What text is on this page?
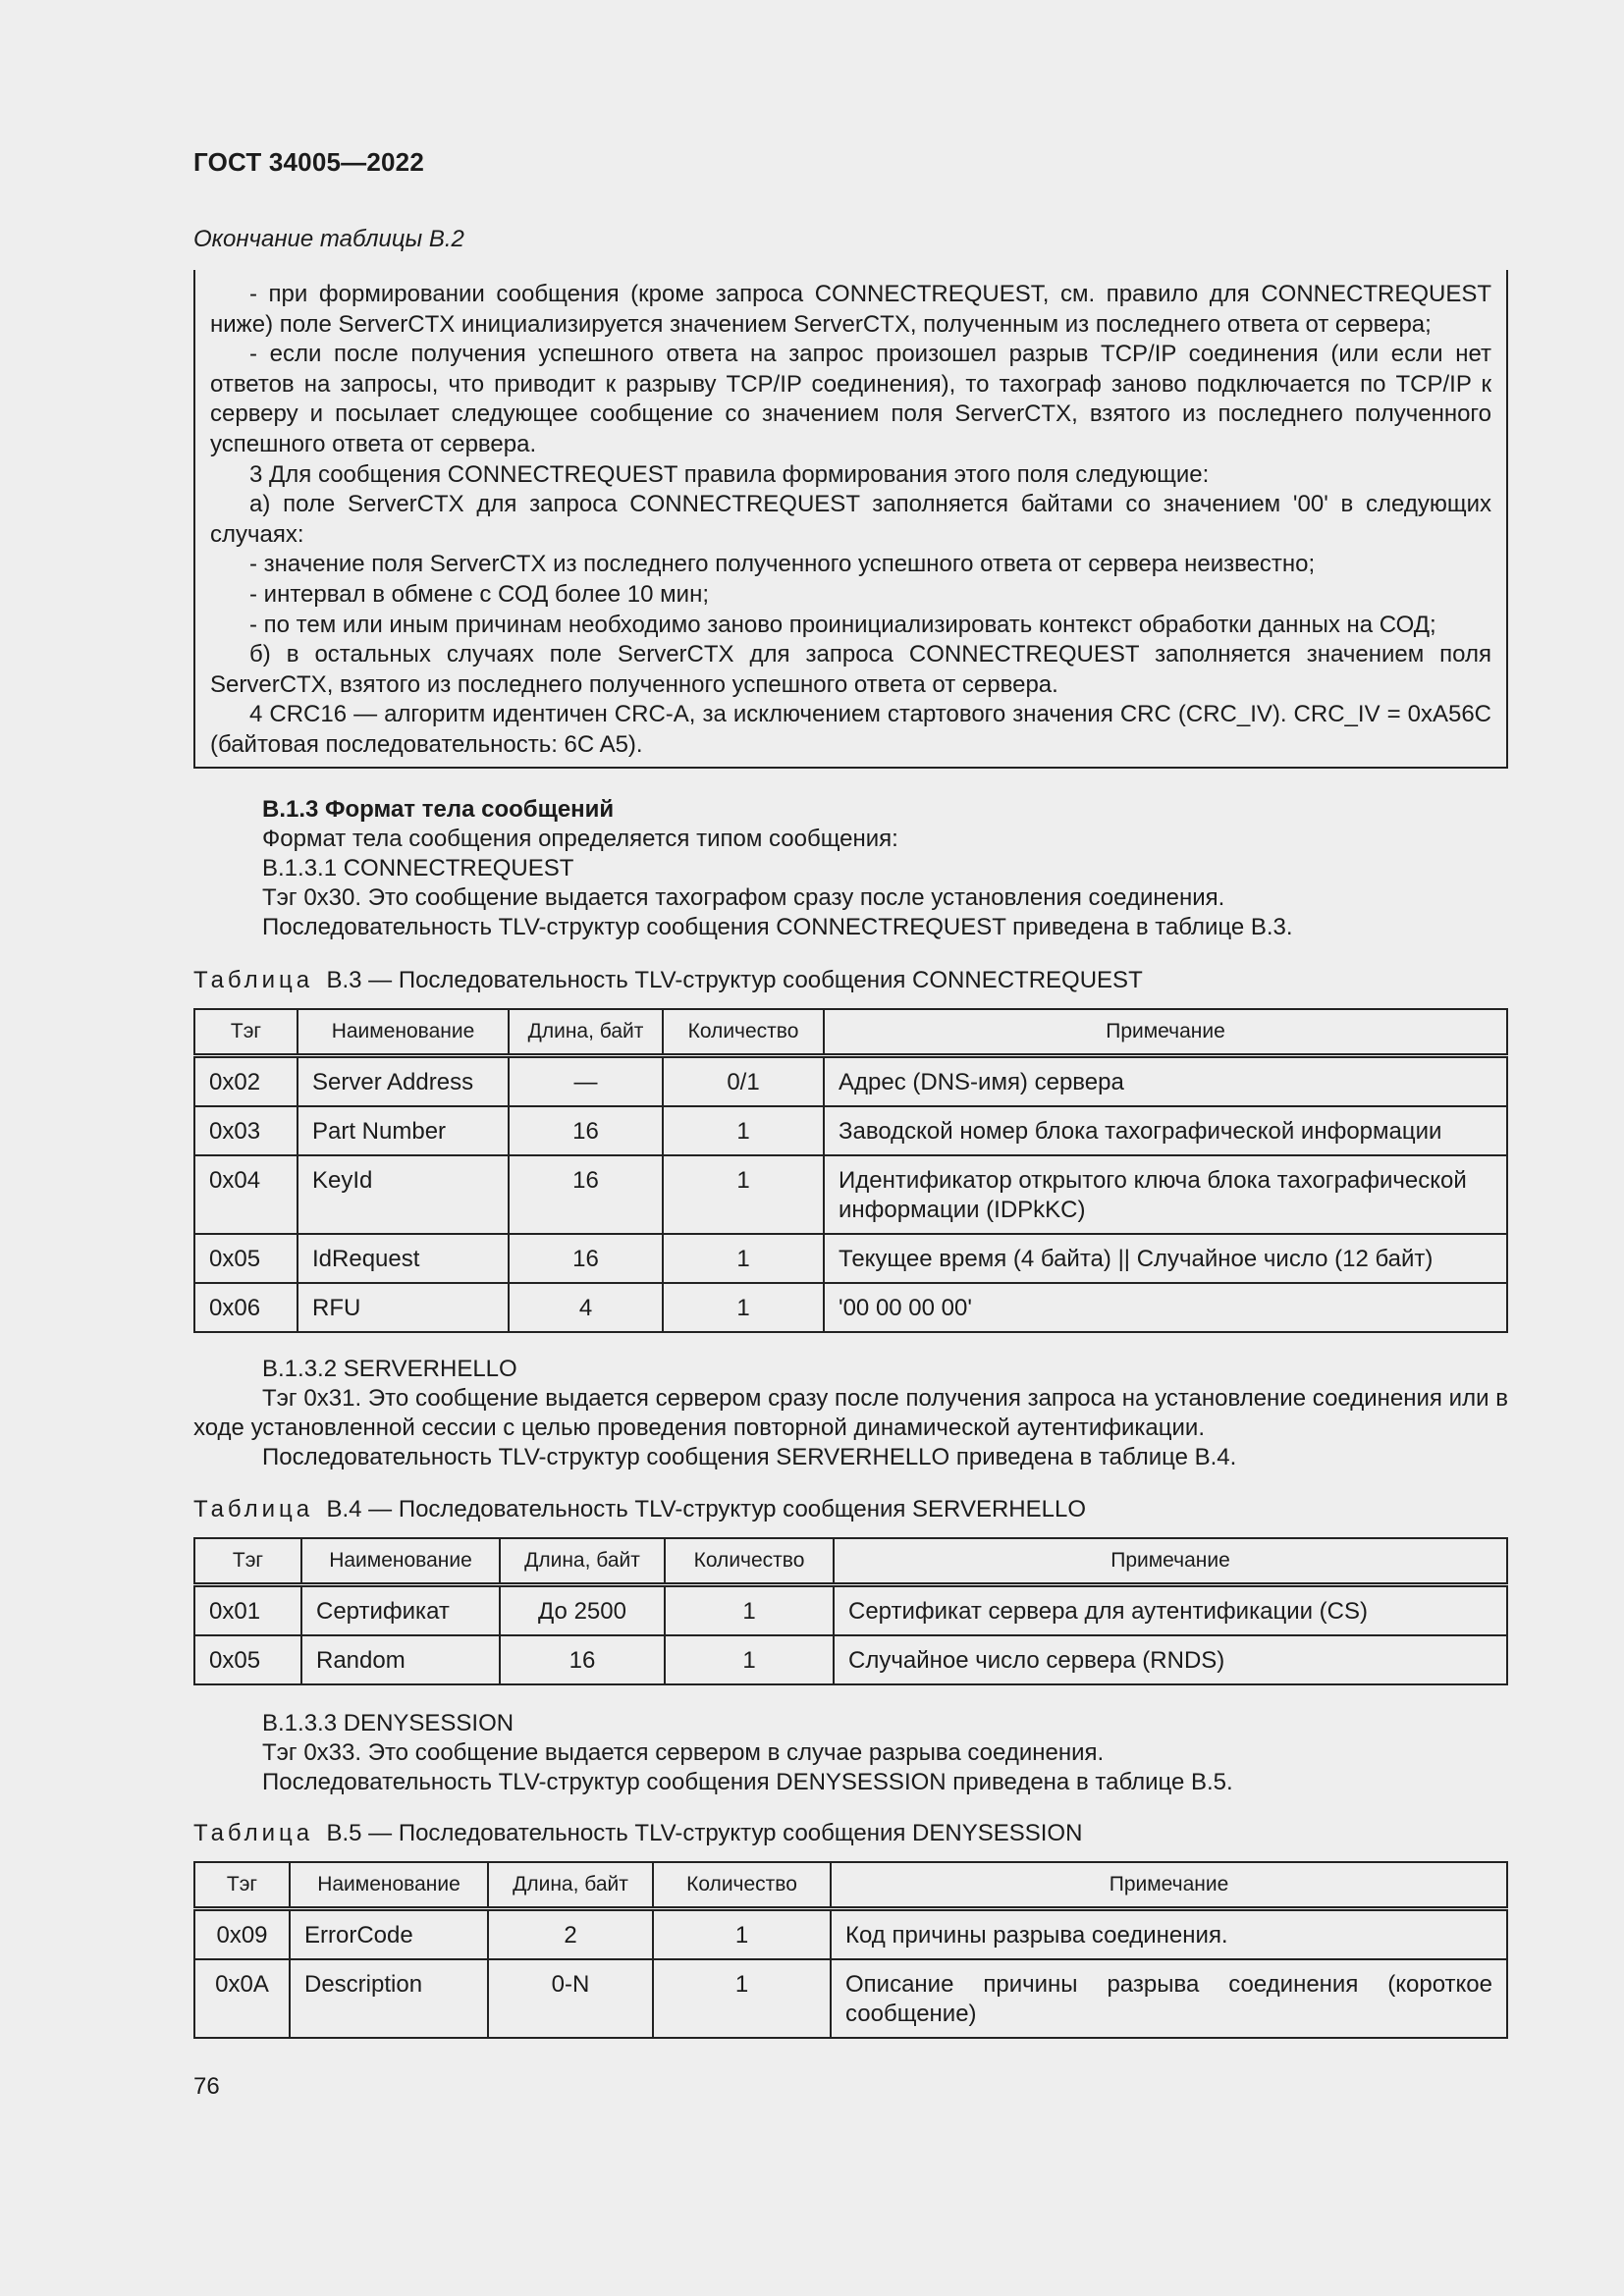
ГОСТ 34005—2022
Окончание таблицы В.2

- при формировании сообщения (кроме запроса CONNECTREQUEST, см. правило для CONNECTREQUEST ниже) поле ServerCTX инициализируется значением ServerCTX, полученным из последнего ответа от сервера;

- если после получения успешного ответа на запрос произошел разрыв TCP/IP соединения (или если нет ответов на запросы, что приводит к разрыву TCP/IP соединения), то тахограф заново подключается по TCP/IP к серверу и посылает следующее сообщение со значением поля ServerCTX, взятого из последнего полученного успешного ответа от сервера.

3 Для сообщения CONNECTREQUEST правила формирования этого поля следующие:

а) поле ServerCTX для запроса CONNECTREQUEST заполняется байтами со значением '00' в следующих случаях:

- значение поля ServerCTX из последнего полученного успешного ответа от сервера неизвестно;

- интервал в обмене с СОД более 10 мин;

- по тем или иным причинам необходимо заново проинициализировать контекст обработки данных на СОД;

б) в остальных случаях поле ServerCTX для запроса CONNECTREQUEST заполняется значением поля ServerCTX, взятого из последнего полученного успешного ответа от сервера.

4 CRC16 — алгоритм идентичен CRC-A, за исключением стартового значения CRC (CRC_IV). CRC_IV = 0xA56C (байтовая последовательность: 6C A5).

В.1.3 Формат тела сообщений

Формат тела сообщения определяется типом сообщения:

В.1.3.1 CONNECTREQUEST

Тэг 0x30. Это сообщение выдается тахографом сразу после установления соединения.

Последовательность TLV-структур сообщения CONNECTREQUEST приведена в таблице В.3.

Таблица В.3 — Последовательность TLV-структур сообщения CONNECTREQUEST
Тэг	Наименование	Длина, байт	Количество	Примечание
0x02	Server Address	—	0/1	Адрес (DNS-имя) сервера
0x03	Part Number	16	1	Заводской номер блока тахографической информации
0x04	KeyId	16	1	Идентификатор открытого ключа блока тахографической информации (IDPkKC)
0x05	IdRequest	16	1	Текущее время (4 байта) || Случайное число (12 байт)
0x06	RFU	4	1	'00 00 00 00'

В.1.3.2 SERVERHELLO

Тэг 0x31. Это сообщение выдается сервером сразу после получения запроса на установление соединения или в ходе установленной сессии с целью проведения повторной динамической аутентификации.

Последовательность TLV-структур сообщения SERVERHELLO приведена в таблице В.4.

Таблица В.4 — Последовательность TLV-структур сообщения SERVERHELLO
Тэг	Наименование	Длина, байт	Количество	Примечание
0x01	Сертификат	До 2500	1	Сертификат сервера для аутентификации (CS)
0x05	Random	16	1	Случайное число сервера (RNDS)

В.1.3.3 DENYSESSION

Тэг 0x33. Это сообщение выдается сервером в случае разрыва соединения.

Последовательность TLV-структур сообщения DENYSESSION приведена в таблице В.5.

Таблица В.5 — Последовательность TLV-структур сообщения DENYSESSION
Тэг	Наименование	Длина, байт	Количество	Примечание
0x09	ErrorCode	2	1	Код причины разрыва соединения.
0x0A	Description	0-N	1	Описание причины разрыва соединения (короткое сообщение)
76
